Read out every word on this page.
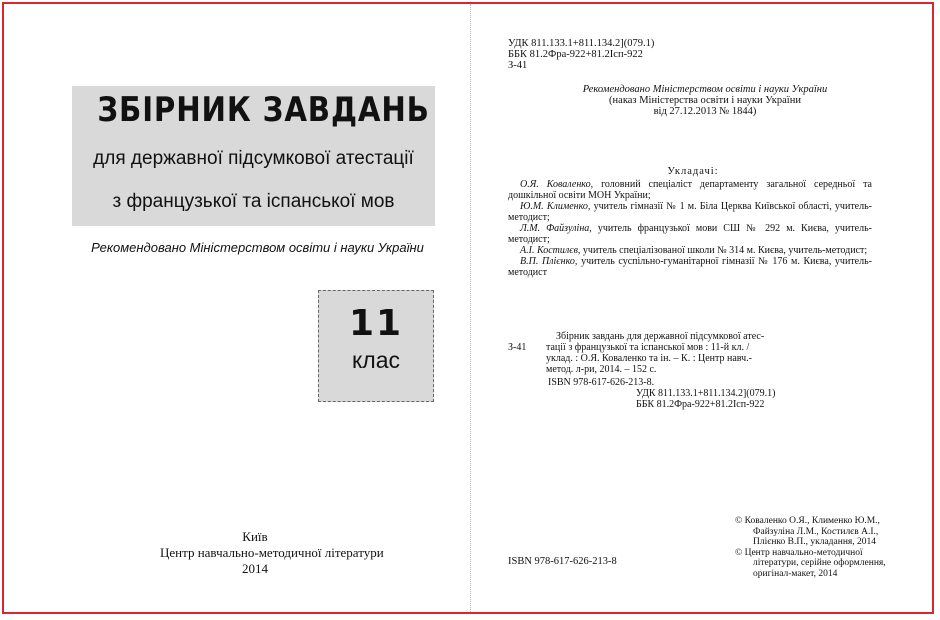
ЗБІРНИК ЗАВДАНЬ
для державної підсумкової атестації
з французької та іспанської мов
Рекомендовано Міністерством освіти і науки України
11
клас
Київ
Центр навчально-методичної літератури
2014
УДК 811.133.1+811.134.2](079.1)
ББК 81.2Фра-922+81.2Ісп-922
З-41
Рекомендовано Міністерством освіти і науки України
(наказ Міністерства освіти і науки України
від 27.12.2013 № 1844)
Укладачі:

О.Я. Коваленко, головний спеціаліст департаменту загальної середньої та дошкільної освіти МОН України;

Ю.М. Клименко, учитель гімназії № 1 м. Біла Церква Київської області, учитель-методист;

Л.М. Файзуліна, учитель французької мови СШ № 292 м. Києва, учитель-методист;

А.І. Костилєв, учитель спеціалізованої школи № 314 м. Києва, учитель-методист;

В.П. Плієнко, учитель суспільно-гуманітарної гімназії № 176 м. Києва, учитель-методист

Збірник завдань для державної підсумкової атес-
З-41 тації з французької та іспанської мов : 11-й кл. /
уклад. : О.Я. Коваленко та ін. – К. : Центр навч.-
метод. л-ри, 2014. – 152 с.
ISBN 978-617-626-213-8.
УДК 811.133.1+811.134.2](079.1)
ББК 81.2Фра-922+81.2Ісп-922
© Коваленко О.Я., Клименко Ю.М.,
Файзуліна Л.М., Костилєв А.І.,
Плієнко В.П., укладання, 2014
© Центр навчально-методичної
літератури, серійне оформлення,
оригінал-макет, 2014
ISBN 978-617-626-213-8
